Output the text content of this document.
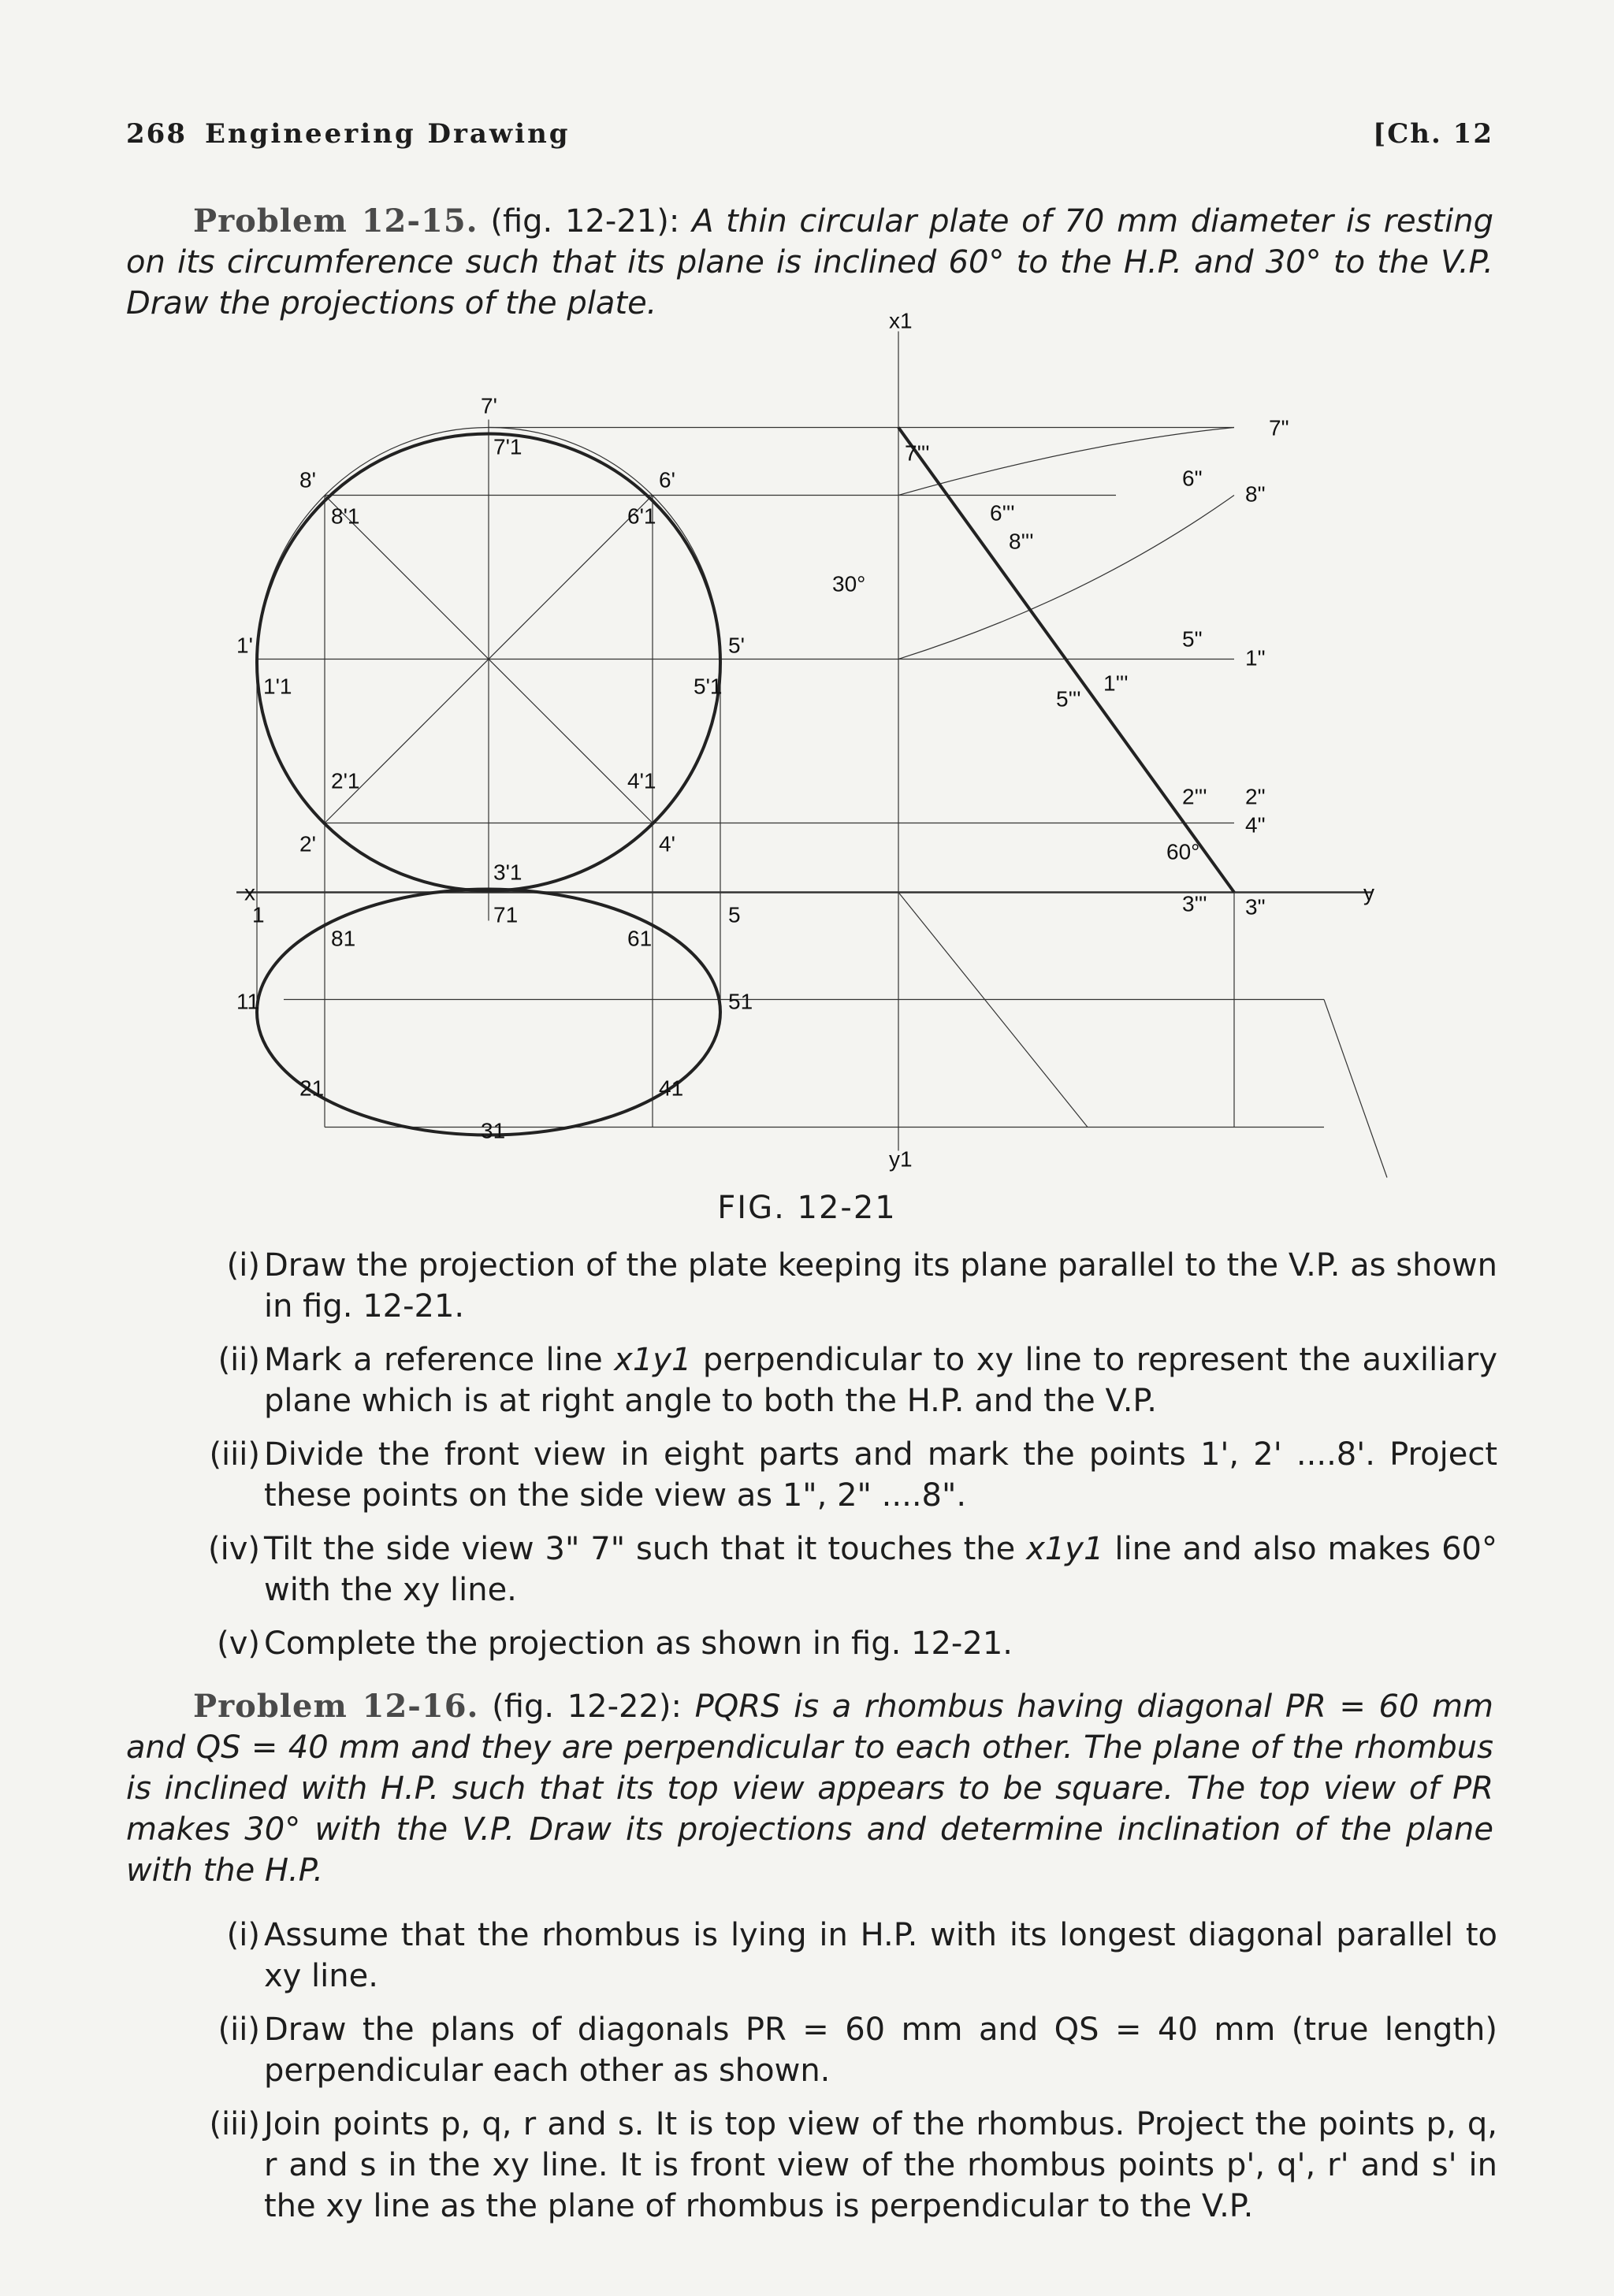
268 Engineering Drawing	[Ch. 12
Problem 12-15. (fig. 12-21): A thin circular plate of 70 mm diameter is resting on its circumference such that its plane is inclined 60° to the H.P. and 30° to the V.P. Draw the projections of the plate.
x	y
x1
y1
7'
8'	6'
1'	5'
2'	4'
7'1
8'1	6'1
1'1	5'1
2'1	4'1
3'1
1	5
71
81	61
11	51
21	41
31
30°
60°
7"
8"
6"
5"
1"
2"
4"
3"
7'''
6'''
8'''
5'''
1'''
2'''
3'''
FIG. 12-21
(i) Draw the projection of the plate keeping its plane parallel to the V.P. as shown in fig. 12-21.
(ii) Mark a reference line x1y1 perpendicular to xy line to represent the auxiliary plane which is at right angle to both the H.P. and the V.P.
(iii) Divide the front view in eight parts and mark the points 1', 2' ....8'. Project these points on the side view as 1", 2" ....8".
(iv) Tilt the side view 3" 7" such that it touches the x1y1 line and also makes 60° with the xy line.
(v) Complete the projection as shown in fig. 12-21.
Problem 12-16. (fig. 12-22): PQRS is a rhombus having diagonal PR = 60 mm and QS = 40 mm and they are perpendicular to each other. The plane of the rhombus is inclined with H.P. such that its top view appears to be square. The top view of PR makes 30° with the V.P. Draw its projections and determine inclination of the plane with the H.P.
(i) Assume that the rhombus is lying in H.P. with its longest diagonal parallel to xy line.
(ii) Draw the plans of diagonals PR = 60 mm and QS = 40 mm (true length) perpendicular each other as shown.
(iii) Join points p, q, r and s. It is top view of the rhombus. Project the points p, q, r and s in the xy line. It is front view of the rhombus points p', q', r' and s' in the xy line as the plane of rhombus is perpendicular to the V.P.
